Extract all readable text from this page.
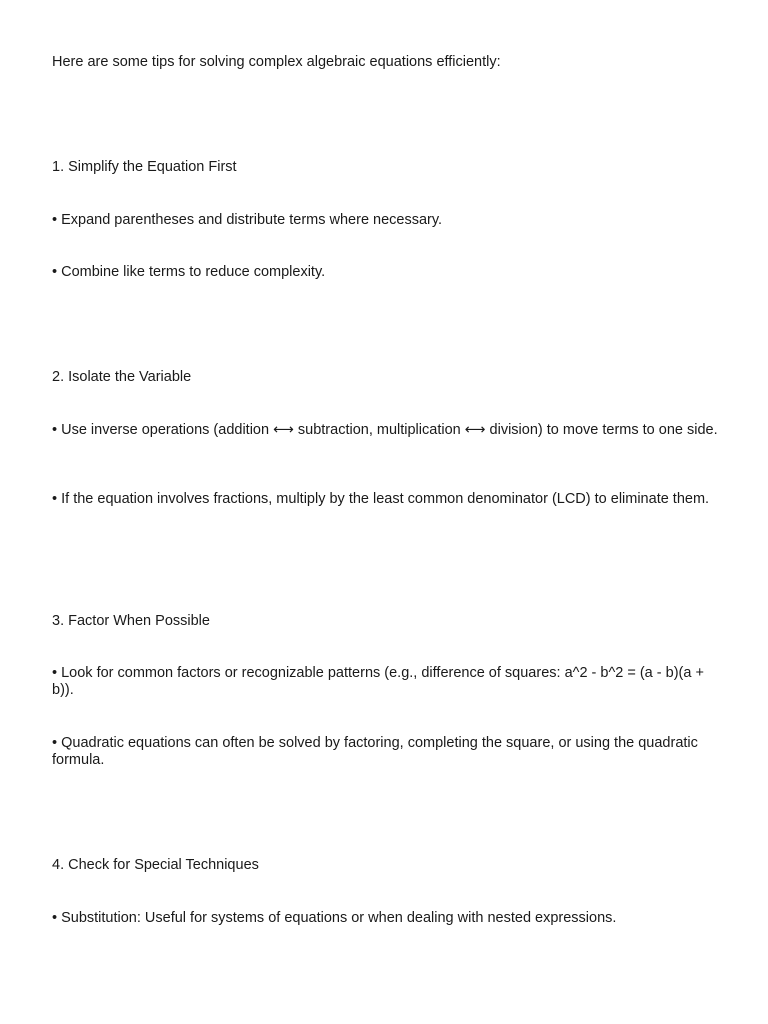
Here are some tips for solving complex algebraic equations efficiently:

1. Simplify the Equation First

• Expand parentheses and distribute terms where necessary.

• Combine like terms to reduce complexity.

2. Isolate the Variable

• Use inverse operations (addition ⟷ subtraction, multiplication ⟷ division) to move terms to one side.

• If the equation involves fractions, multiply by the least common denominator (LCD) to eliminate them.

3. Factor When Possible

• Look for common factors or recognizable patterns (e.g., difference of squares: a^2 - b^2 = (a - b)(a + b)).

• Quadratic equations can often be solved by factoring, completing the square, or using the quadratic formula.

4. Check for Special Techniques

• Substitution: Useful for systems of equations or when dealing with nested expressions.
